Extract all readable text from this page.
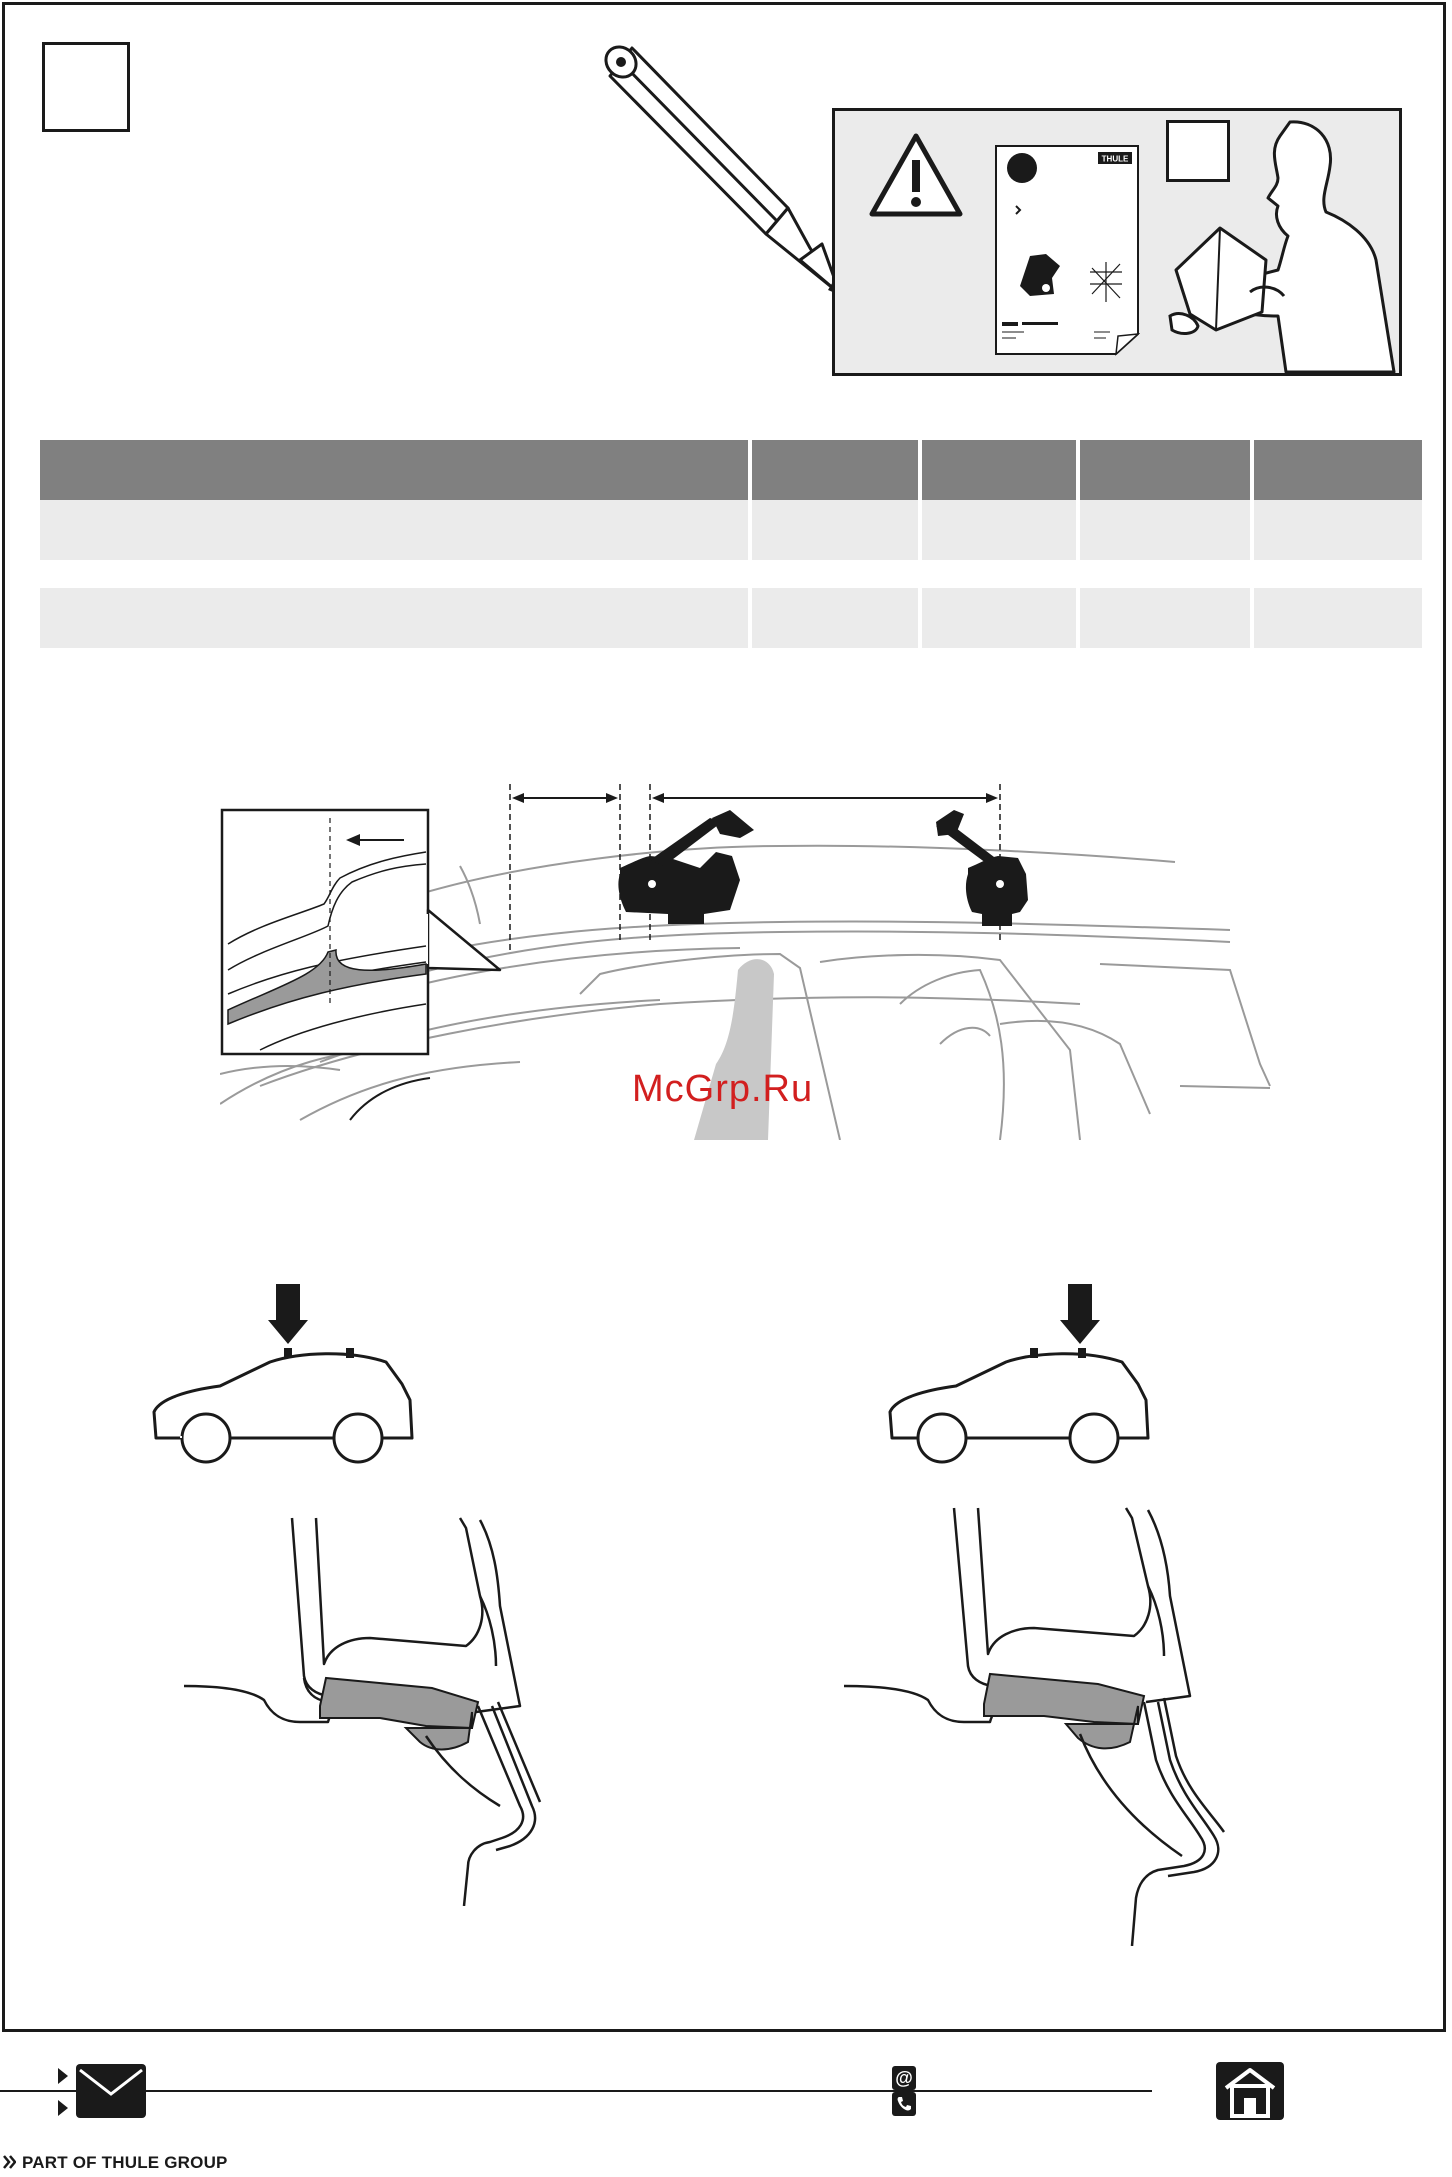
THULE

McGrp.Ru
@
PART OF THULE GROUP
